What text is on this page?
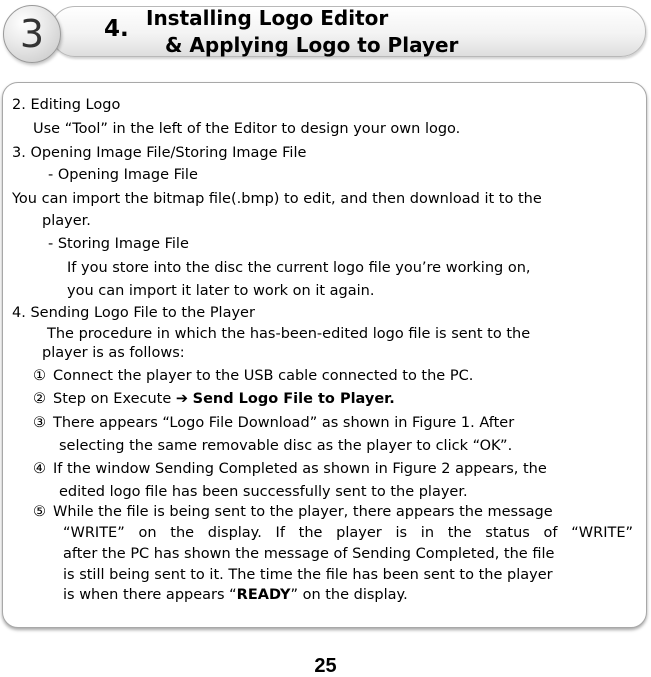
3	4. Installing Logo Editor
& Applying Logo to Player
2. Editing Logo
Use “Tool” in the left of the Editor to design your own logo.
3. Opening Image File/Storing Image File
- Opening Image File
You can import the bitmap file(.bmp) to edit, and then download it to the
player.
- Storing Image File
If you store into the disc the current logo file you’re working on,
you can import it later to work on it again.
4. Sending Logo File to the Player
The procedure in which the has-been-edited logo file is sent to the
player is as follows:
① Connect the player to the USB cable connected to the PC.
② Step on Execute ➔ Send Logo File to Player.
③ There appears “Logo File Download” as shown in Figure 1. After
selecting the same removable disc as the player to click “OK”.
④ If the window Sending Completed as shown in Figure 2 appears, the
edited logo file has been successfully sent to the player.
⑤ While the file is being sent to the player, there appears the message
“WRITE” on the display. If the player is in the status of “WRITE”
after the PC has shown the message of Sending Completed, the file
is still being sent to it. The time the file has been sent to the player
is when there appears “READY” on the display.
25
